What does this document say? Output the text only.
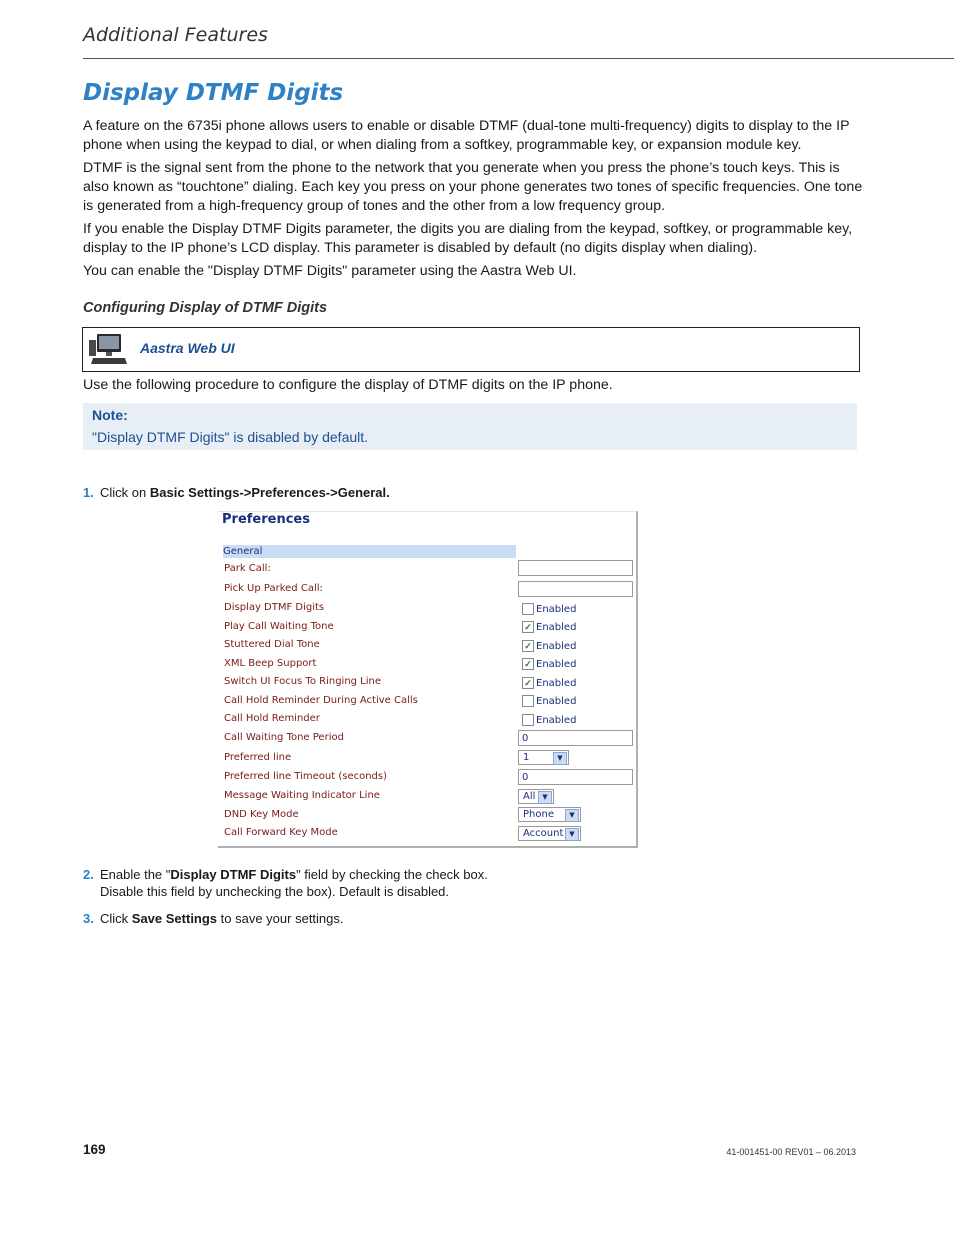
Additional Features
Display DTMF Digits
A feature on the 6735i phone allows users to enable or disable DTMF (dual-tone multi-frequency) digits to display to the IP phone when using the keypad to dial, or when dialing from a softkey, programmable key, or expansion module key.
DTMF is the signal sent from the phone to the network that you generate when you press the phone’s touch keys. This is also known as “touchtone” dialing. Each key you press on your phone generates two tones of specific frequencies. One tone is generated from a high-frequency group of tones and the other from a low frequency group.
If you enable the Display DTMF Digits parameter, the digits you are dialing from the keypad, softkey, or programmable key, display to the IP phone’s LCD display. This parameter is disabled by default (no digits display when dialing).
You can enable the "Display DTMF Digits" parameter using the Aastra Web UI.
Configuring Display of DTMF Digits
Aastra Web UI
Use the following procedure to configure the display of DTMF digits on the IP phone.
Note:
"Display DTMF Digits" is disabled by default.
1. Click on Basic Settings->Preferences->General.
Preferences
General
Park Call:
Pick Up Parked Call:
Display DTMF Digits	Enabled
Play Call Waiting Tone	✓ Enabled
Stuttered Dial Tone	✓ Enabled
XML Beep Support	✓ Enabled
Switch UI Focus To Ringing Line	✓ Enabled
Call Hold Reminder During Active Calls	Enabled
Call Hold Reminder	Enabled
Call Waiting Tone Period	0
Preferred line	1	▼
Preferred line Timeout (seconds)	0
Message Waiting Indicator Line	All ▼
DND Key Mode	Phone	▼
Call Forward Key Mode	Account ▼
2. Enable the "Display DTMF Digits" field by checking the check box.
Disable this field by unchecking the box). Default is disabled.
3. Click Save Settings to save your settings.
169	41-001451-00 REV01 – 06.2013
